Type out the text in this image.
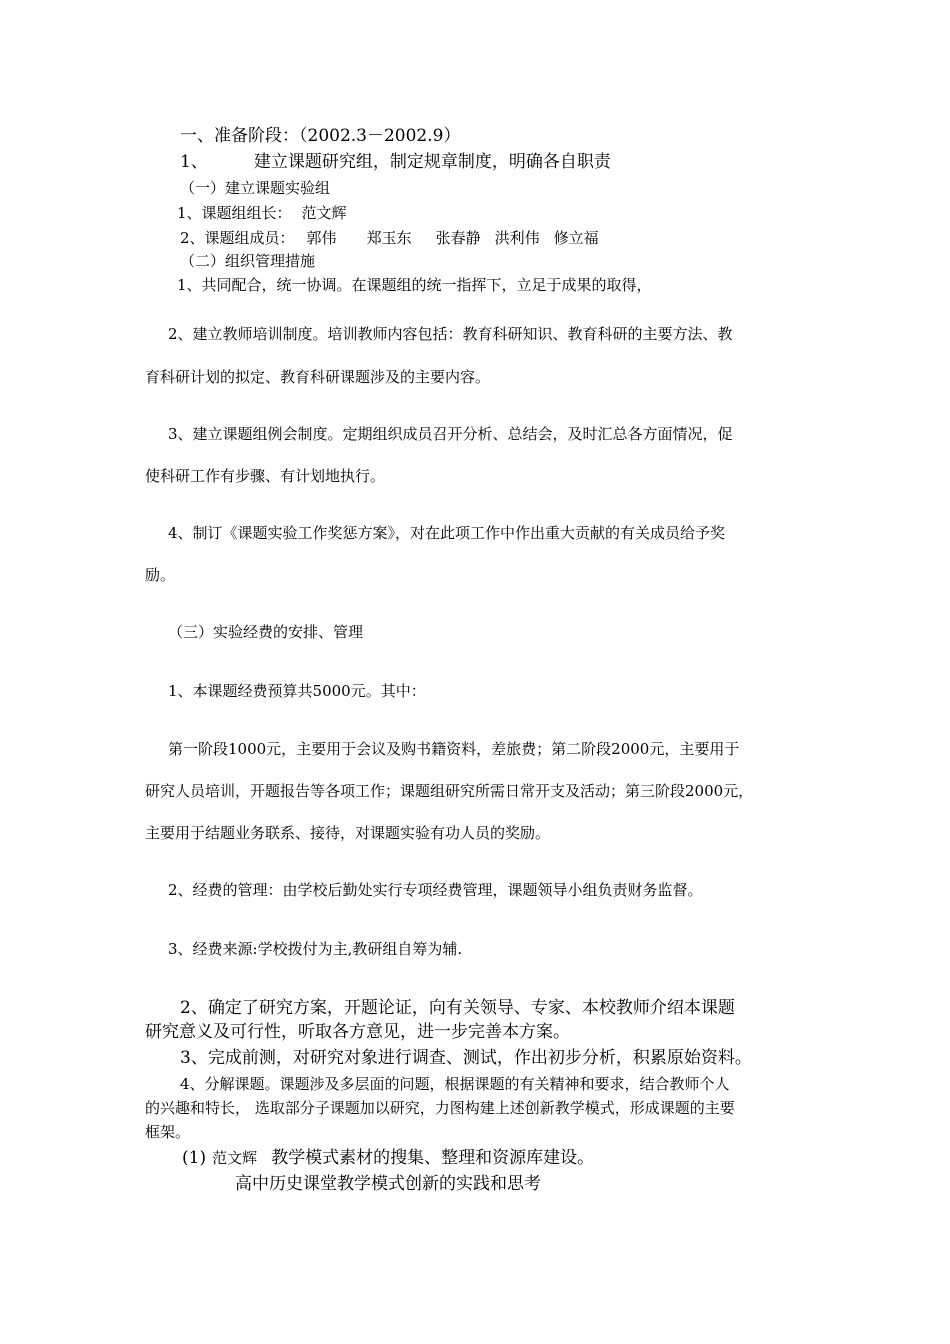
一、准备阶段：（2002.3－2002.9）
1、	建立课题研究组，制定规章制度，明确各自职责
（一）建立课题实验组
1、课题组组长： 范文辉
2、课题组成员： 郭伟 郑玉东 张春静 洪利伟 修立福
（二）组织管理措施
1、共同配合，统一协调。在课题组的统一指挥下，立足于成果的取得，
2、建立教师培训制度。培训教师内容包括：教育科研知识、教育科研的主要方法、教
育科研计划的拟定、教育科研课题涉及的主要内容。
3、建立课题组例会制度。定期组织成员召开分析、总结会，及时汇总各方面情况，促
使科研工作有步骤、有计划地执行。
4、制订《课题实验工作奖惩方案》，对在此项工作中作出重大贡献的有关成员给予奖
励。
（三）实验经费的安排、管理
1、本课题经费预算共5000元。其中：
第一阶段1000元，主要用于会议及购书籍资料，差旅费；第二阶段2000元，主要用于
研究人员培训，开题报告等各项工作；课题组研究所需日常开支及活动；第三阶段2000元，
主要用于结题业务联系、接待，对课题实验有功人员的奖励。
2、经费的管理：由学校后勤处实行专项经费管理，课题领导小组负责财务监督。
3、经费来源:学校拨付为主,教研组自筹为辅.
2、确定了研究方案，开题论证，向有关领导、专家、本校教师介绍本课题
研究意义及可行性，听取各方意见，进一步完善本方案。
3、完成前测，对研究对象进行调查、测试，作出初步分析，积累原始资料。
4、分解课题。课题涉及多层面的问题，根据课题的有关精神和要求，结合教师个人
的兴趣和特长， 选取部分子课题加以研究，力图构建上述创新教学模式，形成课题的主要
框架。
(1) 范文辉 教学模式素材的搜集、整理和资源库建设。
高中历史课堂教学模式创新的实践和思考
